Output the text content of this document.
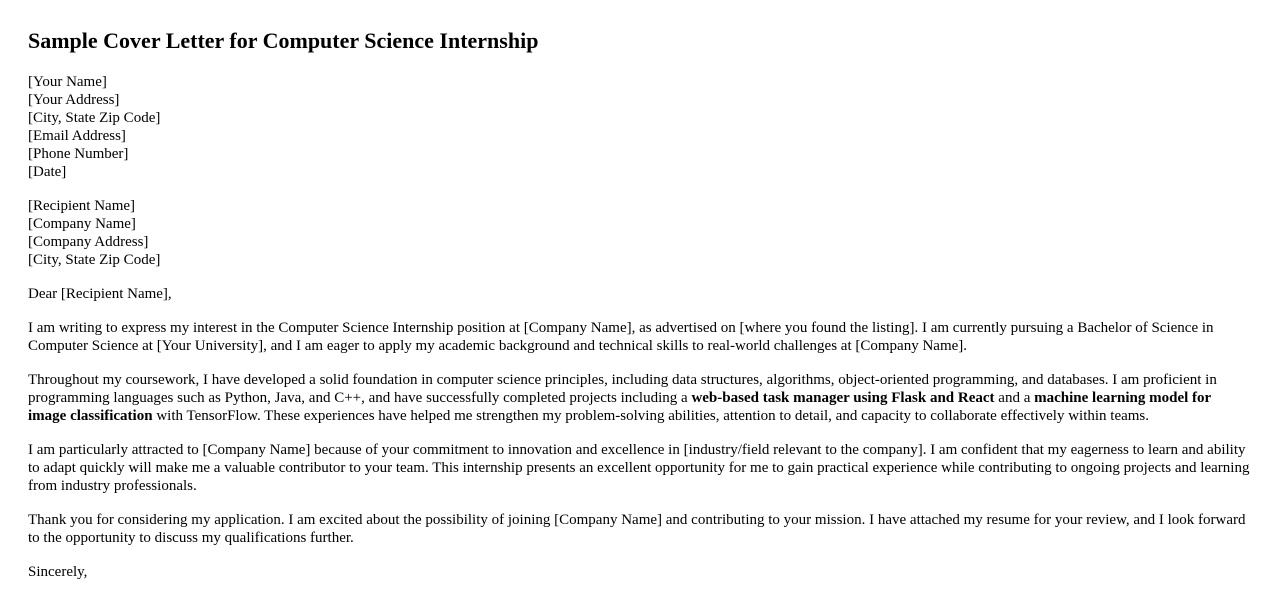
Sample Cover Letter for Computer Science Internship
[Your Name]
[Your Address]
[City, State Zip Code]
[Email Address]
[Phone Number]
[Date]
[Recipient Name]
[Company Name]
[Company Address]
[City, State Zip Code]

Dear [Recipient Name],

I am writing to express my interest in the Computer Science Internship position at [Company Name], as advertised on [where you found the listing]. I am currently pursuing a Bachelor of Science in Computer Science at [Your University], and I am eager to apply my academic background and technical skills to real-world challenges at [Company Name].

Throughout my coursework, I have developed a solid foundation in computer science principles, including data structures, algorithms, object-oriented programming, and databases. I am proficient in programming languages such as Python, Java, and C++, and have successfully completed projects including a web-based task manager using Flask and React and a machine learning model for image classification with TensorFlow. These experiences have helped me strengthen my problem-solving abilities, attention to detail, and capacity to collaborate effectively within teams.

I am particularly attracted to [Company Name] because of your commitment to innovation and excellence in [industry/field relevant to the company]. I am confident that my eagerness to learn and ability to adapt quickly will make me a valuable contributor to your team. This internship presents an excellent opportunity for me to gain practical experience while contributing to ongoing projects and learning from industry professionals.

Thank you for considering my application. I am excited about the possibility of joining [Company Name] and contributing to your mission. I have attached my resume for your review, and I look forward to the opportunity to discuss my qualifications further.

Sincerely,
